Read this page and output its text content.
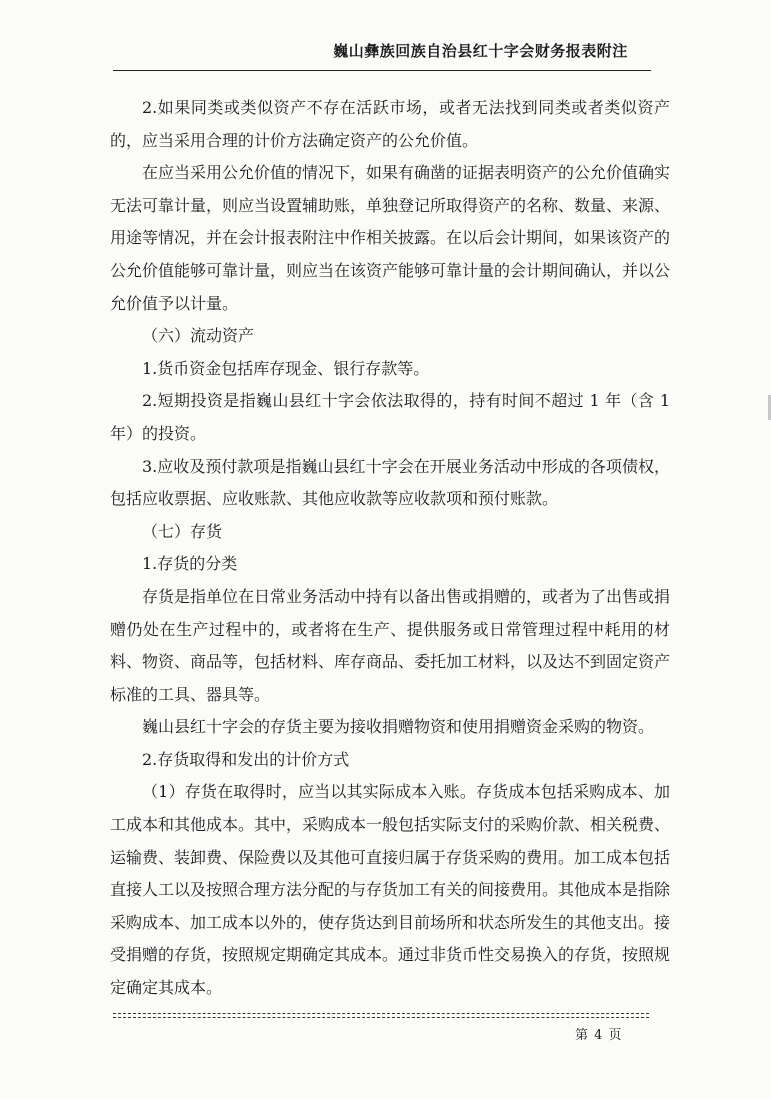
巍山彝族回族自治县红十字会财务报表附注

2.如果同类或类似资产不存在活跃市场，或者无法找到同类或者类似资产的，应当采用合理的计价方法确定资产的公允价值。

在应当采用公允价值的情况下，如果有确凿的证据表明资产的公允价值确实无法可靠计量，则应当设置辅助账，单独登记所取得资产的名称、数量、来源、用途等情况，并在会计报表附注中作相关披露。在以后会计期间，如果该资产的公允价值能够可靠计量，则应当在该资产能够可靠计量的会计期间确认，并以公允价值予以计量。

（六）流动资产

1.货币资金包括库存现金、银行存款等。

2.短期投资是指巍山县红十字会依法取得的，持有时间不超过 1 年（含 1 年）的投资。

3.应收及预付款项是指巍山县红十字会在开展业务活动中形成的各项债权，包括应收票据、应收账款、其他应收款等应收款项和预付账款。

（七）存货

1.存货的分类

存货是指单位在日常业务活动中持有以备出售或捐赠的，或者为了出售或捐赠仍处在生产过程中的，或者将在生产、提供服务或日常管理过程中耗用的材料、物资、商品等，包括材料、库存商品、委托加工材料，以及达不到固定资产标准的工具、器具等。

巍山县红十字会的存货主要为接收捐赠物资和使用捐赠资金采购的物资。

2.存货取得和发出的计价方式

（1）存货在取得时，应当以其实际成本入账。存货成本包括采购成本、加工成本和其他成本。其中，采购成本一般包括实际支付的采购价款、相关税费、运输费、装卸费、保险费以及其他可直接归属于存货采购的费用。加工成本包括直接人工以及按照合理方法分配的与存货加工有关的间接费用。其他成本是指除采购成本、加工成本以外的，使存货达到目前场所和状态所发生的其他支出。接受捐赠的存货，按照规定期确定其成本。通过非货币性交易换入的存货，按照规定确定其成本。

第 4 页
